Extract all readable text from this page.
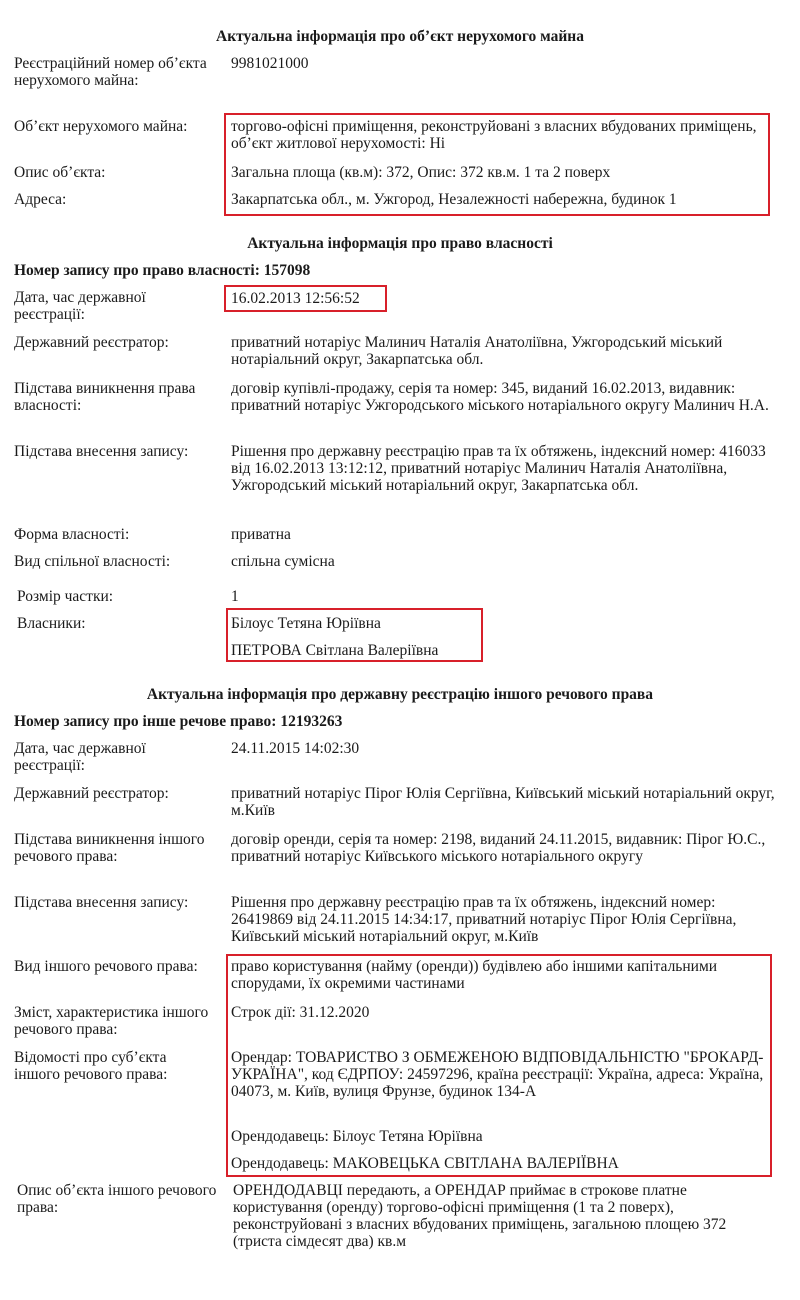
Актуальна інформація про об’єкт нерухомого майна
Реєстраційний номер об’єкта нерухомого майна:
9981021000
Об’єкт нерухомого майна:	торгово-офісні приміщення, реконструйовані з власних вбудованих приміщень, об’єкт житлової нерухомості: Ні
Опис об’єкта:	Загальна площа (кв.м): 372, Опис: 372 кв.м. 1 та 2 поверх
Адреса:	Закарпатська обл., м. Ужгород, Незалежності набережна, будинок 1
Актуальна інформація про право власності
Номер запису про право власності: 157098
Дата, час державної реєстрації:
16.02.2013 12:56:52
Державний реєстратор:	приватний нотаріус Малинич Наталія Анатоліївна, Ужгородський міський нотаріальний округ, Закарпатська обл.
Підстава виникнення права власності:
договір купівлі-продажу, серія та номер: 345, виданий 16.02.2013, видавник: приватний нотаріус Ужгородського міського нотаріального округу Малинич Н.А.
Підстава внесення запису:	Рішення про державну реєстрацію прав та їх обтяжень, індексний номер: 416033 від 16.02.2013 13:12:12, приватний нотаріус Малинич Наталія Анатоліївна, Ужгородський міський нотаріальний округ, Закарпатська обл.
Форма власності:	приватна
Вид спільної власності:	спільна сумісна
Розмір частки:	1
Власники:	Білоус Тетяна Юріївна
ПЕТРОВА Світлана Валеріївна
Актуальна інформація про державну реєстрацію іншого речового права
Номер запису про інше речове право: 12193263
Дата, час державної реєстрації:
24.11.2015 14:02:30
Державний реєстратор:	приватний нотаріус Пірог Юлія Сергіївна, Київський міський нотаріальний округ, м.Київ
Підстава виникнення іншого речового права:
договір оренди, серія та номер: 2198, виданий 24.11.2015, видавник: Пірог Ю.С., приватний нотаріус Київського міського нотаріального округу
Підстава внесення запису:	Рішення про державну реєстрацію прав та їх обтяжень, індексний номер: 26419869 від 24.11.2015 14:34:17, приватний нотаріус Пірог Юлія Сергіївна, Київський міський нотаріальний округ, м.Київ
Вид іншого речового права:	право користування (найму (оренди)) будівлею або іншими капітальними спорудами, їх окремими частинами
Зміст, характеристика іншого речового права:
Строк дії: 31.12.2020
Відомості про суб’єкта іншого речового права:
Орендар: ТОВАРИСТВО З ОБМЕЖЕНОЮ ВІДПОВІДАЛЬНІСТЮ "БРОКАРД-УКРАЇНА", код ЄДРПОУ: 24597296, країна реєстрації: Україна, адреса: Україна, 04073, м. Київ, вулиця Фрунзе, будинок 134-А
Орендодавець: Білоус Тетяна Юріївна
Орендодавець: МАКОВЕЦЬКА СВІТЛАНА ВАЛЕРІЇВНА
Опис об’єкта іншого речового права:
ОРЕНДОДАВЦІ передають, а ОРЕНДАР приймає в строкове платне користування (оренду) торгово-офісні приміщення (1 та 2 поверх), реконструйовані з власних вбудованих приміщень, загальною площею 372 (триста сімдесят два) кв.м
